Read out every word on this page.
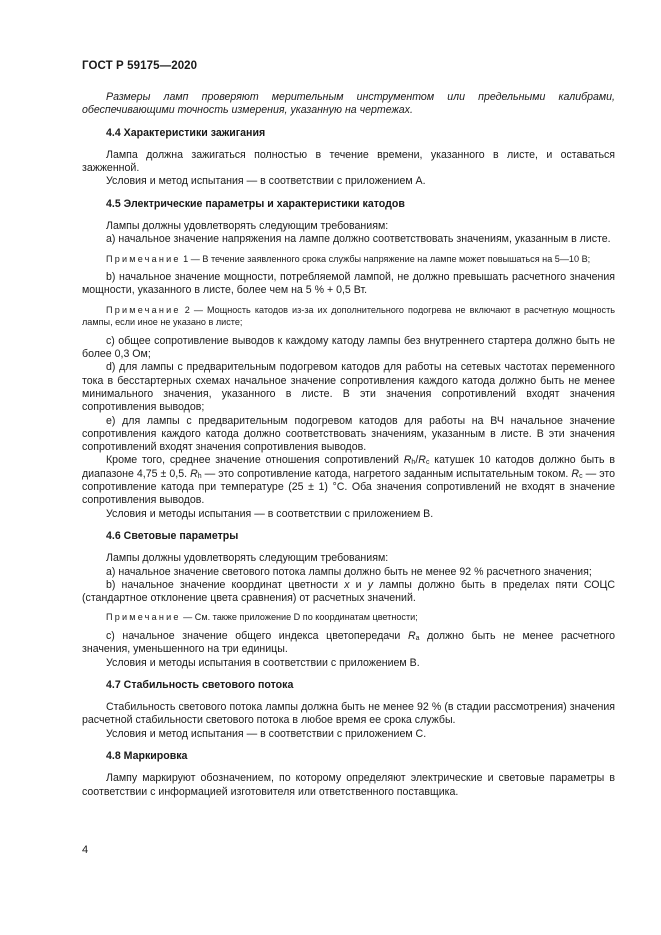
ГОСТ Р 59175—2020

Размеры ламп проверяют мерительным инструментом или предельными калибрами, обеспечивающими точность измерения, указанную на чертежах.

4.4 Характеристики зажигания

Лампа должна зажигаться полностью в течение времени, указанного в листе, и оставаться зажженной.

Условия и метод испытания — в соответствии с приложением А.

4.5 Электрические параметры и характеристики катодов

Лампы должны удовлетворять следующим требованиям:

а) начальное значение напряжения на лампе должно соответствовать значениям, указанным в листе.

Примечание 1 — В течение заявленного срока службы напряжение на лампе может повышаться на 5—10 В;

b) начальное значение мощности, потребляемой лампой, не должно превышать расчетного значения мощности, указанного в листе, более чем на 5 % + 0,5 Вт.

Примечание 2 — Мощность катодов из-за их дополнительного подогрева не включают в расчетную мощность лампы, если иное не указано в листе;

с) общее сопротивление выводов к каждому катоду лампы без внутреннего стартера должно быть не более 0,3 Ом;

d) для лампы с предварительным подогревом катодов для работы на сетевых частотах переменного тока в бесстартерных схемах начальное значение сопротивления каждого катода должно быть не менее минимального значения, указанного в листе. В эти значения сопротивлений входят значения сопротивления выводов;

е) для лампы с предварительным подогревом катодов для работы на ВЧ начальное значение сопротивления каждого катода должно соответствовать значениям, указанным в листе. В эти значения сопротивлений входят значения сопротивления выводов.

Кроме того, среднее значение отношения сопротивлений $R_h/R_c$ катушек 10 катодов должно быть в диапазоне 4,75 ± 0,5. $R_h$ — это сопротивление катода, нагретого заданным испытательным током. $R_c$ — это сопротивление катода при температуре (25 ± 1) °С. Оба значения сопротивлений не входят в значение сопротивления выводов.

Условия и методы испытания — в соответствии с приложением В.

4.6 Световые параметры

Лампы должны удовлетворять следующим требованиям:

а) начальное значение светового потока лампы должно быть не менее 92 % расчетного значения;

b) начальное значение координат цветности x и y лампы должно быть в пределах пяти СОЦС (стандартное отклонение цвета сравнения) от расчетных значений.

Примечание — См. также приложение D по координатам цветности;

с) начальное значение общего индекса цветопередачи $R_a$ должно быть не менее расчетного значения, уменьшенного на три единицы.

Условия и методы испытания в соответствии с приложением В.

4.7 Стабильность светового потока

Стабильность светового потока лампы должна быть не менее 92 % (в стадии рассмотрения) значения расчетной стабильности светового потока в любое время ее срока службы.

Условия и метод испытания — в соответствии с приложением С.

4.8 Маркировка

Лампу маркируют обозначением, по которому определяют электрические и световые параметры в соответствии с информацией изготовителя или ответственного поставщика.

4
